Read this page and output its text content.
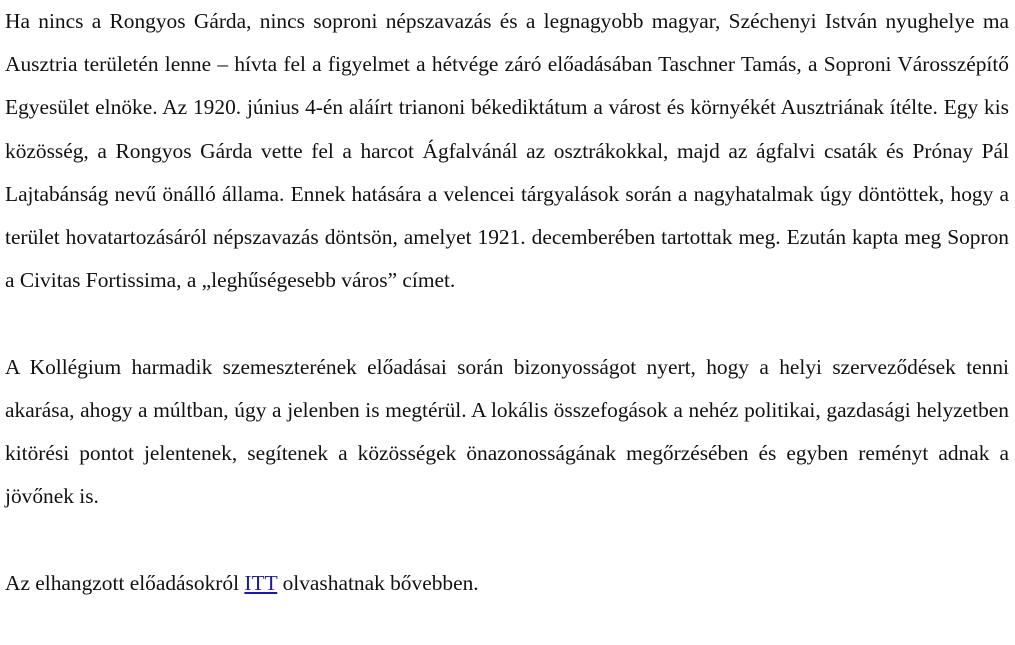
Ha nincs a Rongyos Gárda, nincs soproni népszavazás és a legnagyobb magyar, Széchenyi István nyughelye ma Ausztria területén lenne – hívta fel a figyelmet a hétvége záró előadásában Taschner Tamás, a Soproni Városszépítő Egyesület elnöke. Az 1920. június 4-én aláírt trianoni békediktátum a várost és környékét Ausztriának ítélte. Egy kis közösség, a Rongyos Gárda vette fel a harcot Ágfalvánál az osztrákokkal, majd az ágfalvi csaták és Prónay Pál Lajtabánság nevű önálló államа. Ennek hatására a velencei tárgyalások során a nagyhatalmak úgy döntöttek, hogy a terület hovatartozásáról népszavazás döntsön, amelyet 1921. decemberében tartottak meg. Ezután kapta meg Sopron a Civitas Fortissima, a „leghűségesebb város” címet.

A Kollégium harmadik szemeszterének előadásai során bizonyosságot nyert, hogy a helyi szerveződések tenni akarása, ahogy a múltban, úgy a jelenben is megtérül. A lokális összefogások a nehéz politikai, gazdasági helyzetben kitörési pontot jelentenek, segítenek a közösségek önazonosságának megőrzésében és egyben reményt adnak a jövőnek is.

Az elhangzott előadásokról ITT olvashatnak bővebben.
